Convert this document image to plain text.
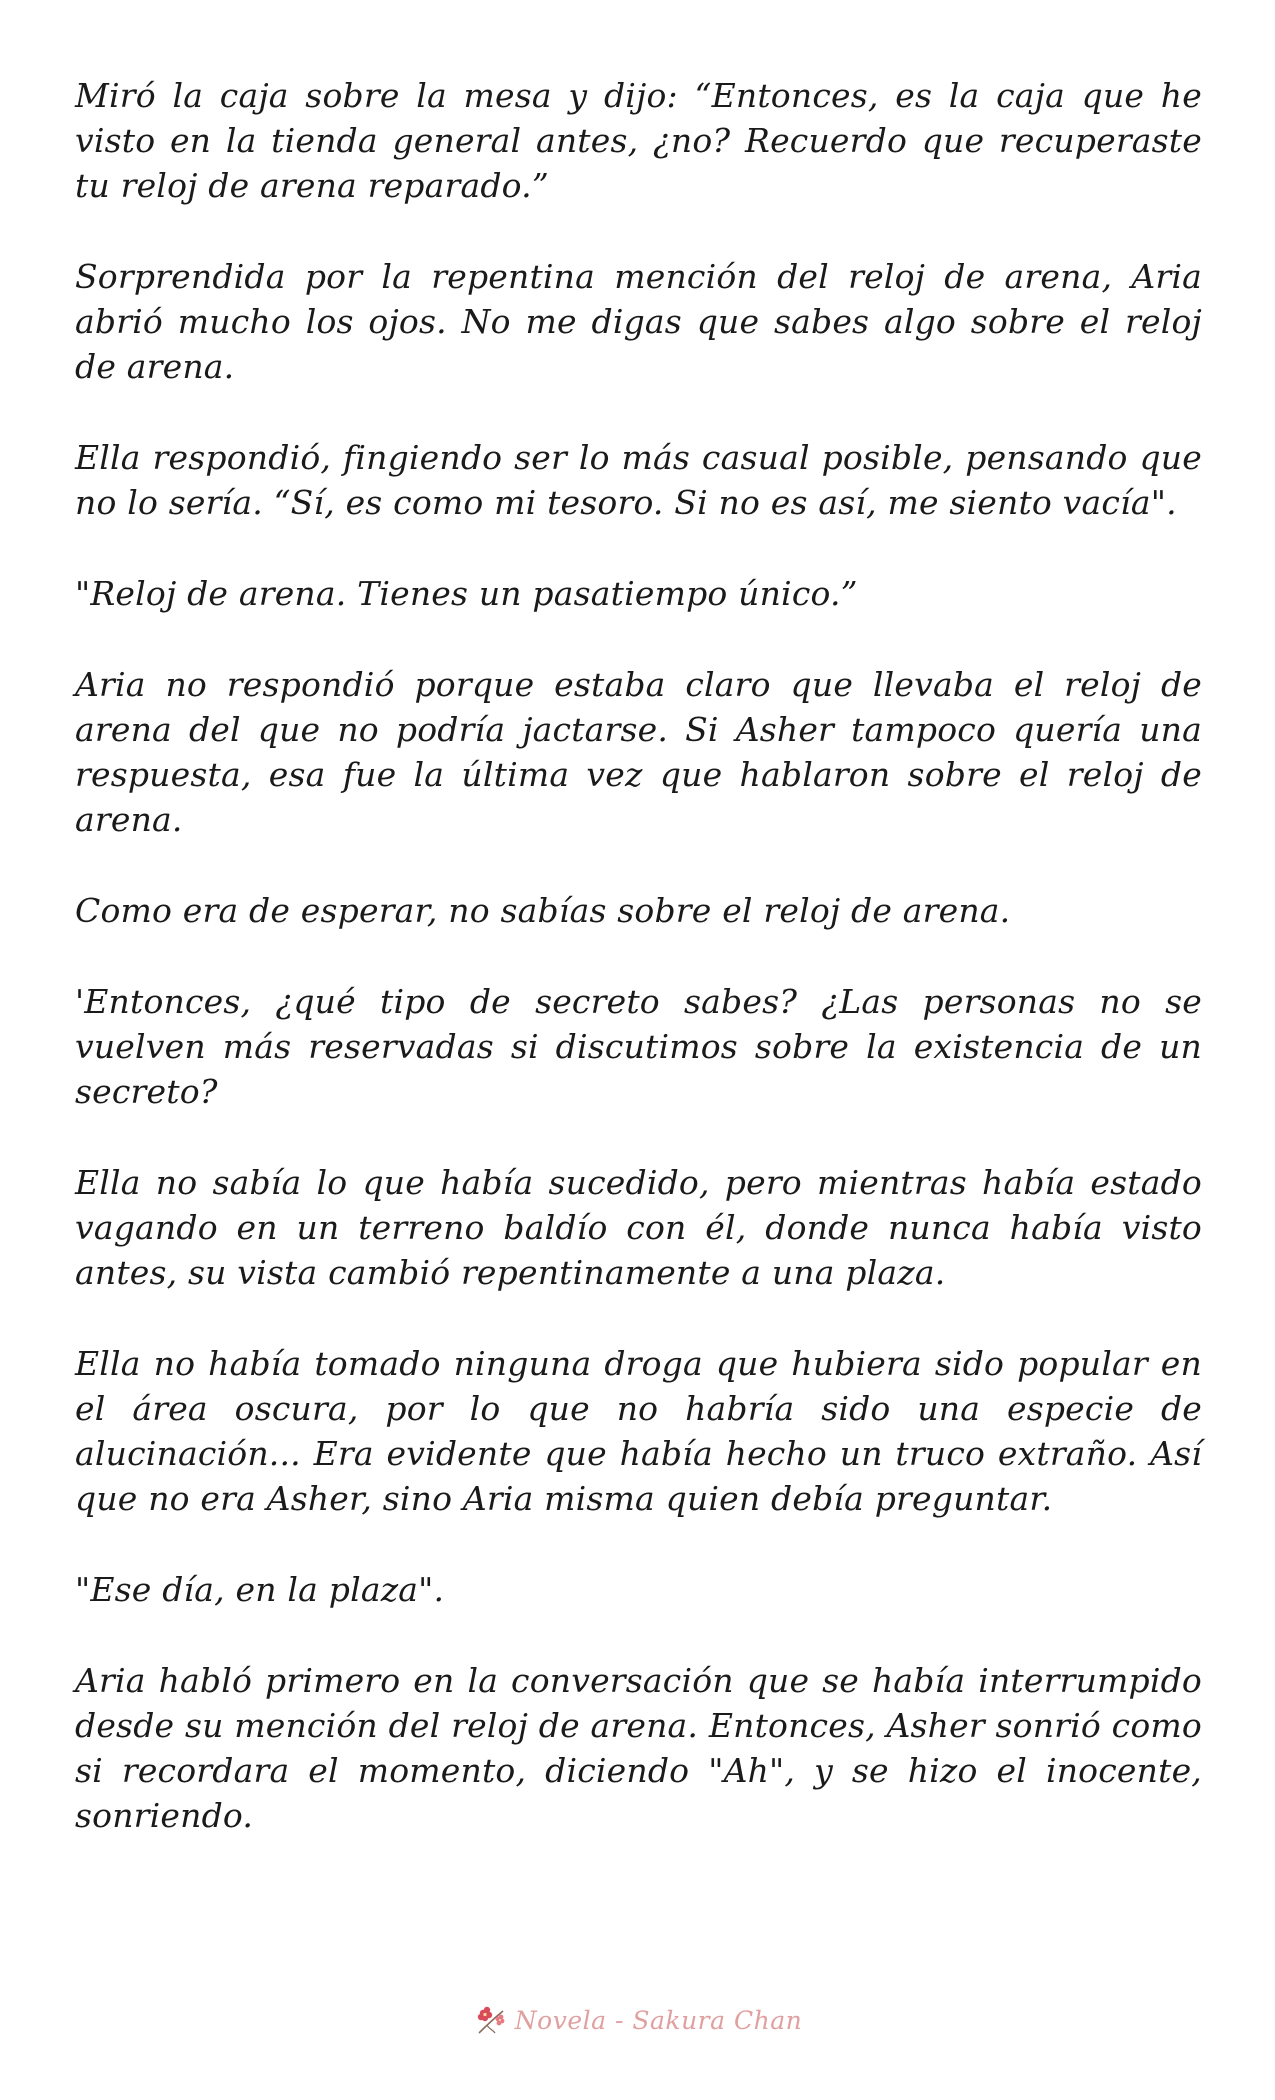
Miró la caja sobre la mesa y dijo: “Entonces, es la caja que he visto en la tienda general antes, ¿no? Recuerdo que recuperaste tu reloj de arena reparado.”

Sorprendida por la repentina mención del reloj de arena, Aria abrió mucho los ojos. No me digas que sabes algo sobre el reloj de arena.

Ella respondió, fingiendo ser lo más casual posible, pensando que no lo sería. “Sí, es como mi tesoro. Si no es así, me siento vacía".

"Reloj de arena. Tienes un pasatiempo único.”

Aria no respondió porque estaba claro que llevaba el reloj de arena del que no podría jactarse. Si Asher tampoco quería una respuesta, esa fue la última vez que hablaron sobre el reloj de arena.

Como era de esperar, no sabías sobre el reloj de arena.

'Entonces, ¿qué tipo de secreto sabes? ¿Las personas no se vuelven más reservadas si discutimos sobre la existencia de un secreto?

Ella no sabía lo que había sucedido, pero mientras había estado vagando en un terreno baldío con él, donde nunca había visto antes, su vista cambió repentinamente a una plaza.

Ella no había tomado ninguna droga que hubiera sido popular en el área oscura, por lo que no habría sido una especie de alucinación... Era evidente que había hecho un truco extraño. Así que no era Asher, sino Aria misma quien debía preguntar.

"Ese día, en la plaza".

Aria habló primero en la conversación que se había interrumpido desde su mención del reloj de arena. Entonces, Asher sonrió como si recordara el momento, diciendo "Ah", y se hizo el inocente, sonriendo.

Novela - Sakura Chan
